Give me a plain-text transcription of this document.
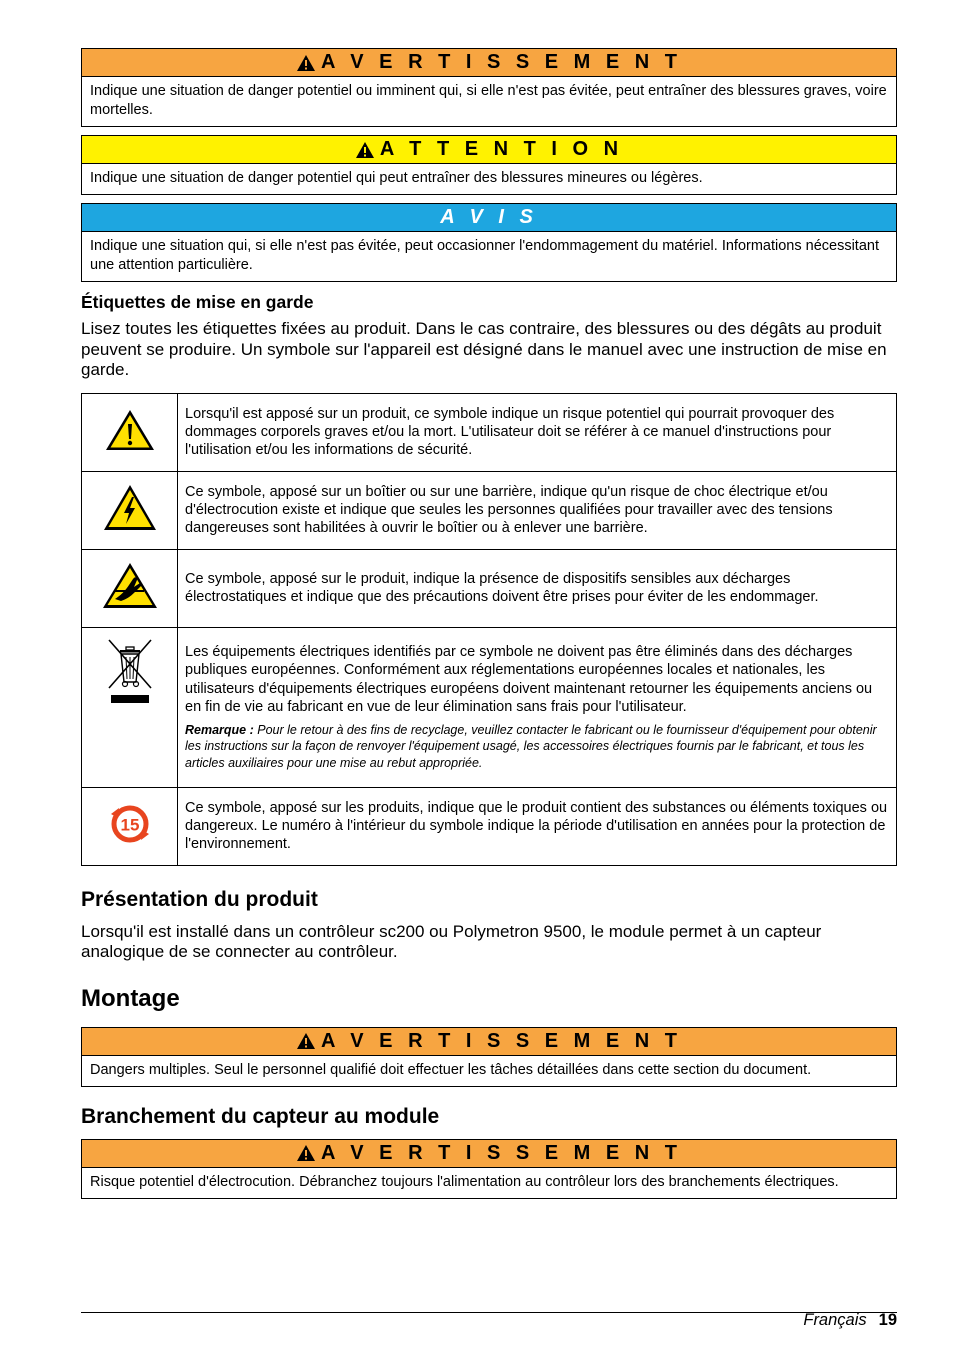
A V E R T I S S E M E N T
Indique une situation de danger potentiel ou imminent qui, si elle n'est pas évitée, peut entraîner des blessures graves, voire mortelles.
A T T E N T I O N
Indique une situation de danger potentiel qui peut entraîner des blessures mineures ou légères.
A V I S
Indique une situation qui, si elle n'est pas évitée, peut occasionner l'endommagement du matériel. Informations nécessitant une attention particulière.
Étiquettes de mise en garde

Lisez toutes les étiquettes fixées au produit. Dans le cas contraire, des blessures ou des dégâts au produit peuvent se produire. Un symbole sur l'appareil est désigné dans le manuel avec une instruction de mise en garde.

	Lorsqu'il est apposé sur un produit, ce symbole indique un risque potentiel qui pourrait provoquer des dommages corporels graves et/ou la mort. L'utilisateur doit se référer à ce manuel d'instructions pour l'utilisation et/ou les informations de sécurité.
	Ce symbole, apposé sur un boîtier ou sur une barrière, indique qu'un risque de choc électrique et/ou d'électrocution existe et indique que seules les personnes qualifiées pour travailler avec des tensions dangereuses sont habilitées à ouvrir le boîtier ou à enlever une barrière.
	Ce symbole, apposé sur le produit, indique la présence de dispositifs sensibles aux décharges électrostatiques et indique que des précautions doivent être prises pour éviter de les endommager.

Les équipements électriques identifiés par ce symbole ne doivent pas être éliminés dans des décharges publiques européennes. Conformément aux réglementations européennes locales et nationales, les utilisateurs d'équipements électriques européens doivent maintenant retourner les équipements anciens ou en fin de vie au fabricant en vue de leur élimination sans frais pour l'utilisateur.
Remarque : Pour le retour à des fins de recyclage, veuillez contacter le fabricant ou le fournisseur d'équipement pour obtenir les instructions sur la façon de renvoyer l'équipement usagé, les accessoires électriques fournis par le fabricant, et tous les articles auxiliaires pour une mise au rebut appropriée.

15	Ce symbole, apposé sur les produits, indique que le produit contient des substances ou éléments toxiques ou dangereux. Le numéro à l'intérieur du symbole indique la période d'utilisation en années pour la protection de l'environnement.
Présentation du produit

Lorsqu'il est installé dans un contrôleur sc200 ou Polymetron 9500, le module permet à un capteur analogique de se connecter au contrôleur.

Montage
A V E R T I S S E M E N T
Dangers multiples. Seul le personnel qualifié doit effectuer les tâches détaillées dans cette section du document.
Branchement du capteur au module
A V E R T I S S E M E N T
Risque potentiel d'électrocution. Débranchez toujours l'alimentation au contrôleur lors des branchements électriques.
Français 19
